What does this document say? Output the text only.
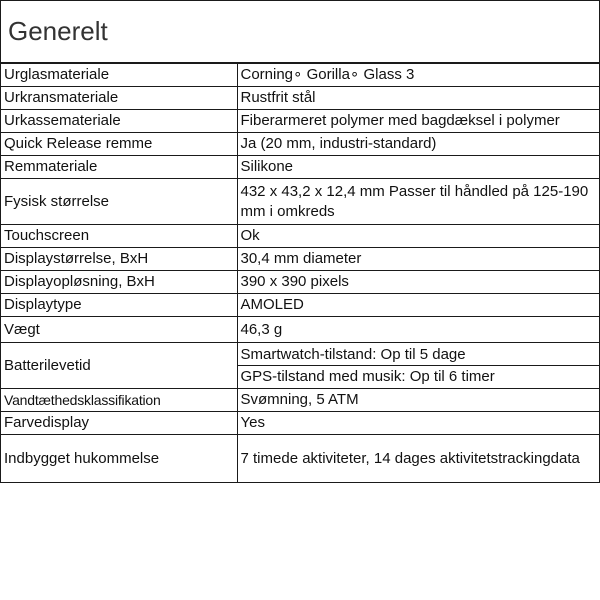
Generelt
Urglasmateriale	Corning∘ Gorilla∘ Glass 3
Urkransmateriale	Rustfrit stål
Urkassemateriale	Fiberarmeret polymer med bagdæksel i polymer
Quick Release remme	Ja (20 mm, industri-standard)
Remmateriale	Silikone
Fysisk størrelse	432 x 43,2 x 12,4 mm Passer til håndled på 125-190 mm i omkreds
Touchscreen	Ok
Displaystørrelse, BxH	30,4 mm diameter
Displayopløsning, BxH	390 x 390 pixels
Displaytype	AMOLED
Vægt	46,3 g
Batterilevetid	Smartwatch-tilstand: Op til 5 dage
GPS-tilstand med musik: Op til 6 timer

Vandtæthedsklassifikation	Svømning, 5 ATM
Farvedisplay	Yes
Indbygget hukommelse	7 timede aktiviteter, 14 dages aktivitetstrackingdata
